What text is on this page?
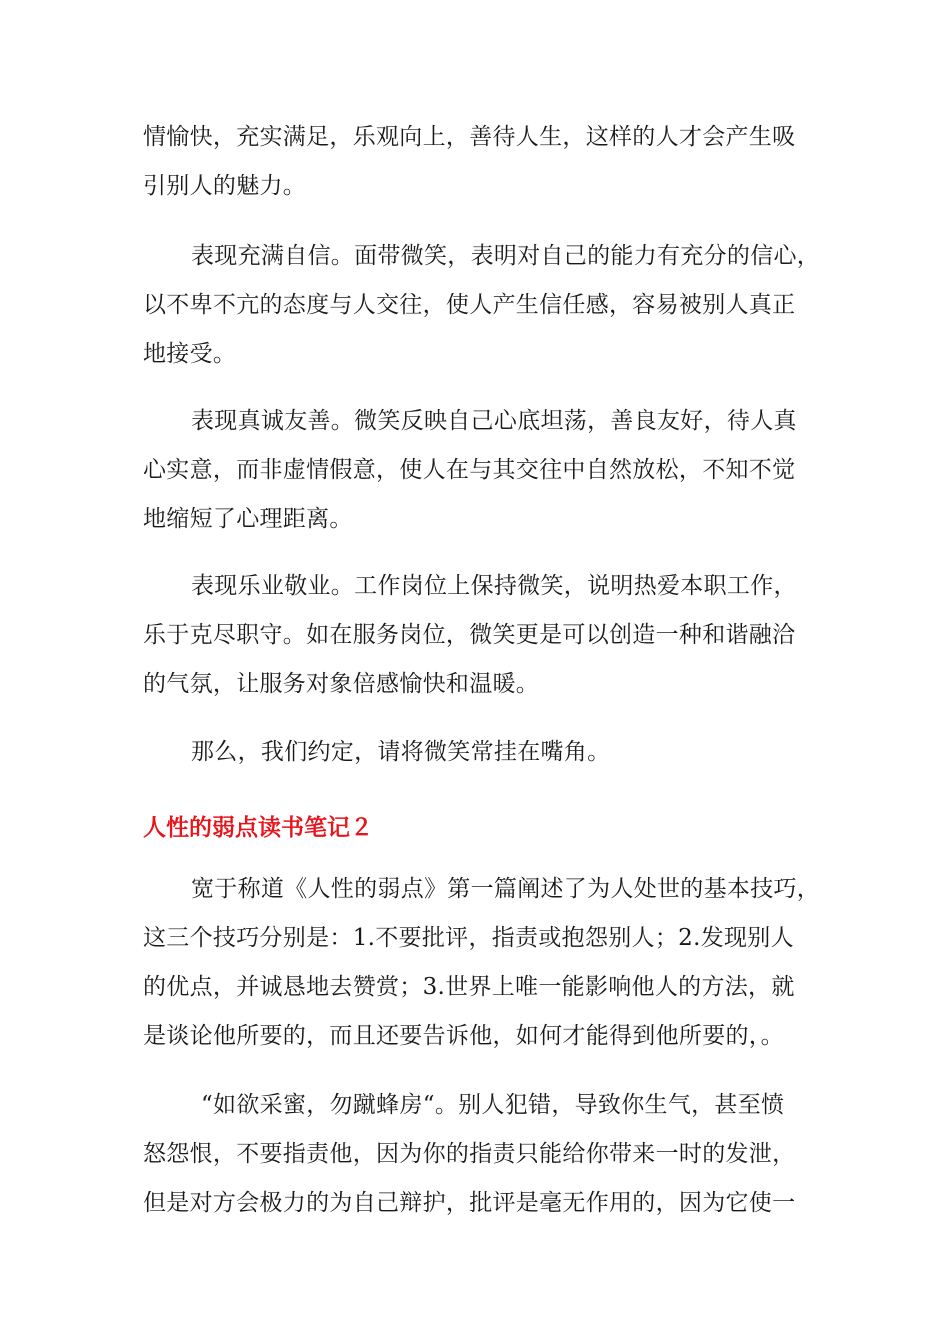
情愉快，充实满足，乐观向上，善待人生，这样的人才会产生吸
引别人的魅力。
表现充满自信。面带微笑，表明对自己的能力有充分的信心，
以不卑不亢的态度与人交往，使人产生信任感，容易被别人真正
地接受。
表现真诚友善。微笑反映自己心底坦荡，善良友好，待人真
心实意，而非虚情假意，使人在与其交往中自然放松，不知不觉
地缩短了心理距离。
表现乐业敬业。工作岗位上保持微笑，说明热爱本职工作，
乐于克尽职守。如在服务岗位，微笑更是可以创造一种和谐融洽
的气氛，让服务对象倍感愉快和温暖。
那么，我们约定，请将微笑常挂在嘴角。
人性的弱点读书笔记２
宽于称道《人性的弱点》第一篇阐述了为人处世的基本技巧，
这三个技巧分别是：1.不要批评，指责或抱怨别人；2.发现别人
的优点，并诚恳地去赞赏；3.世界上唯一能影响他人的方法，就
是谈论他所要的，而且还要告诉他，如何才能得到他所要的，。
“如欲采蜜，勿蹴蜂房“。别人犯错，导致你生气，甚至愤
怒怨恨，不要指责他，因为你的指责只能给你带来一时的发泄，
但是对方会极力的为自己辩护，批评是毫无作用的，因为它使一
